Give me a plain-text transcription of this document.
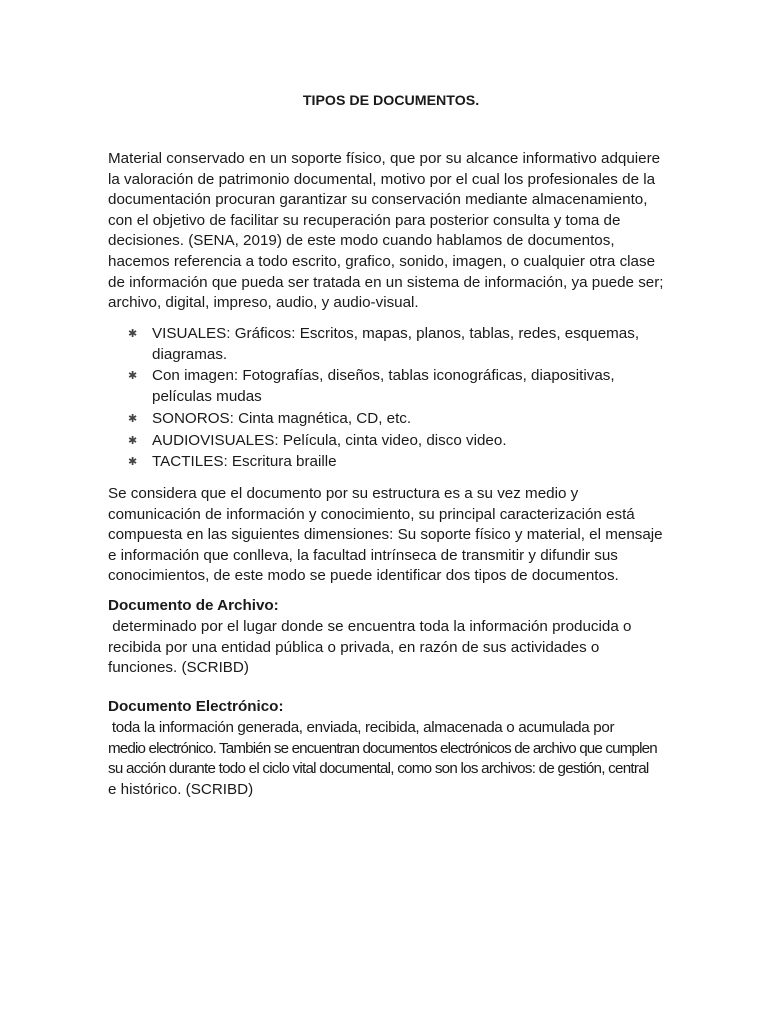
TIPOS DE DOCUMENTOS.

Material conservado en un soporte físico, que por su alcance informativo adquiere
la valoración de patrimonio documental, motivo por el cual los profesionales de la
documentación procuran garantizar su conservación mediante almacenamiento,
con el objetivo de facilitar su recuperación para posterior consulta y toma de
decisiones. (SENA, 2019) de este modo cuando hablamos de documentos,
hacemos referencia a todo escrito, grafico, sonido, imagen, o cualquier otra clase
de información que pueda ser tratada en un sistema de información, ya puede ser;
archivo, digital, impreso, audio, y audio-visual.

✱ VISUALES: Gráficos: Escritos, mapas, planos, tablas, redes, esquemas,
diagramas.
✱ Con imagen: Fotografías, diseños, tablas iconográficas, diapositivas,
películas mudas
✱ SONOROS: Cinta magnética, CD, etc.
✱ AUDIOVISUALES: Película, cinta video, disco video.
✱ TACTILES: Escritura braille

Se considera que el documento por su estructura es a su vez medio y
comunicación de información y conocimiento, su principal caracterización está
compuesta en las siguientes dimensiones: Su soporte físico y material, el mensaje
e información que conlleva, la facultad intrínseca de transmitir y difundir sus
conocimientos, de este modo se puede identificar dos tipos de documentos.

Documento de Archivo:

determinado por el lugar donde se encuentra toda la información producida o
recibida por una entidad pública o privada, en razón de sus actividades o
funciones. (SCRIBD)

Documento Electrónico:

toda la información generada, enviada, recibida, almacenada o acumulada por
medio electrónico. También se encuentran documentos electrónicos de archivo que cumplen
su acción durante todo el ciclo vital documental, como son los archivos: de gestión, central
e histórico. (SCRIBD)
